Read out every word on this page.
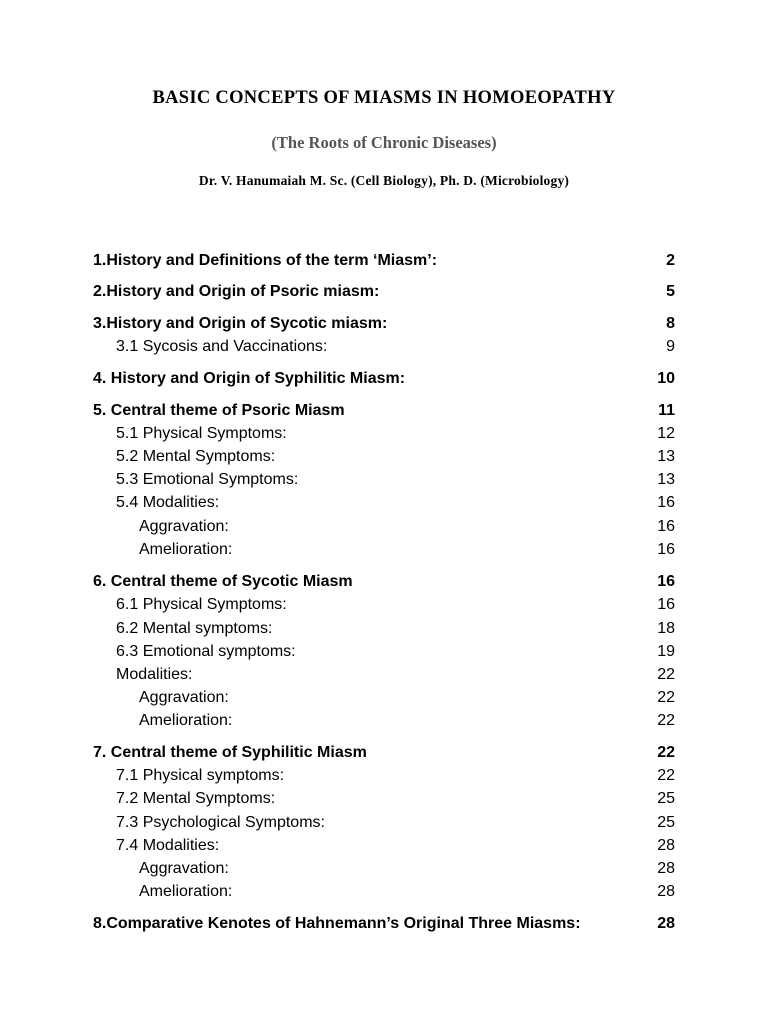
BASIC CONCEPTS OF MIASMS IN HOMOEOPATHY
(The Roots of Chronic Diseases)

Dr. V. Hanumaiah M. Sc. (Cell Biology), Ph. D. (Microbiology)

1.History and Definitions of the term ‘Miasm’:	2
2.History and Origin of Psoric miasm:	5
3.History and Origin of Sycotic miasm:	8
3.1 Sycosis and Vaccinations:	9
4. History and Origin of Syphilitic Miasm:	10
5. Central theme of Psoric Miasm	11
5.1 Physical Symptoms:	12
5.2 Mental Symptoms:	13
5.3 Emotional Symptoms:	13
5.4 Modalities:	16
Aggravation:	16
Amelioration:	16
6. Central theme of Sycotic Miasm	16
6.1 Physical Symptoms:	16
6.2 Mental symptoms:	18
6.3 Emotional symptoms:	19
Modalities:	22
Aggravation:	22
Amelioration:	22
7. Central theme of Syphilitic Miasm	22
7.1 Physical symptoms:	22
7.2 Mental Symptoms:	25
7.3 Psychological Symptoms:	25
7.4 Modalities:	28
Aggravation:	28
Amelioration:	28
8.Comparative Kenotes of Hahnemann’s Original Three Miasms:	28
